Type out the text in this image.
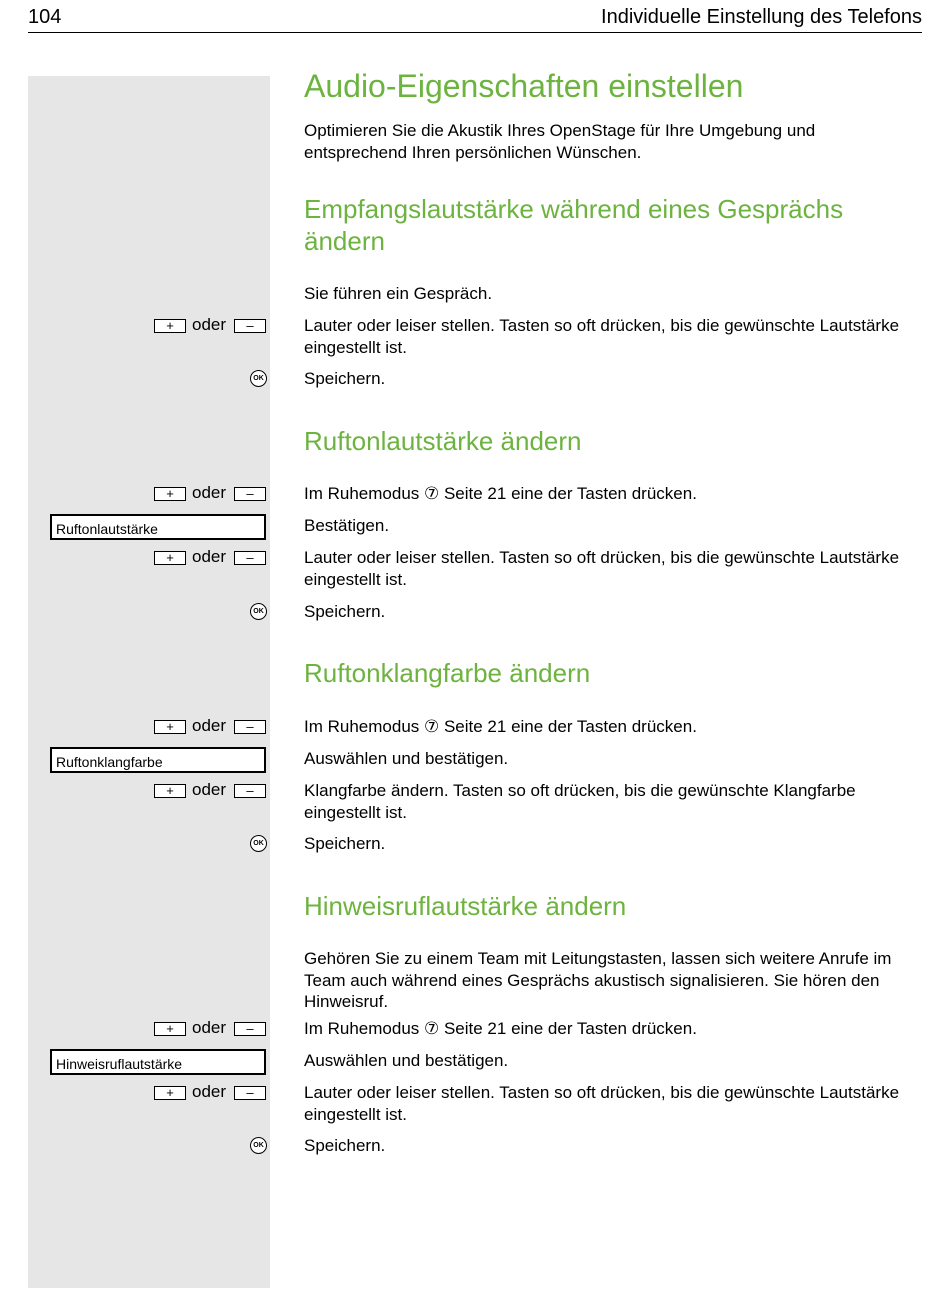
104	Individuelle Einstellung des Telefons
Audio-Eigenschaften einstellen
Optimieren Sie die Akustik Ihres OpenStage für Ihre Umgebung und entsprechend Ihren persönlichen Wünschen.
Empfangslautstärke während eines Gesprächs ändern
Sie führen ein Gespräch.
+	oder	–	Lauter oder leiser stellen. Tasten so oft drücken, bis die gewünschte Lautstärke eingestellt ist.
OK Speichern.
Ruftonlautstärke ändern
+	oder	–	Im Ruhemodus ⑦ Seite 21 eine der Tasten drücken.
Ruftonlautstärke	Bestätigen.
+	oder	–	Lauter oder leiser stellen. Tasten so oft drücken, bis die gewünschte Lautstärke eingestellt ist.
OK Speichern.
Ruftonklangfarbe ändern
+	oder	–	Im Ruhemodus ⑦ Seite 21 eine der Tasten drücken.
Ruftonklangfarbe	Auswählen und bestätigen.
+	oder	–	Klangfarbe ändern. Tasten so oft drücken, bis die gewünschte Klangfarbe eingestellt ist.
OK Speichern.
Hinweisruflautstärke ändern
Gehören Sie zu einem Team mit Leitungstasten, lassen sich weitere Anrufe im Team auch während eines Gesprächs akustisch signalisieren. Sie hören den Hinweisruf.
+	oder	–	Im Ruhemodus ⑦ Seite 21 eine der Tasten drücken.
Hinweisruflautstärke	Auswählen und bestätigen.
+	oder	–	Lauter oder leiser stellen. Tasten so oft drücken, bis die gewünschte Lautstärke eingestellt ist.
OK Speichern.
